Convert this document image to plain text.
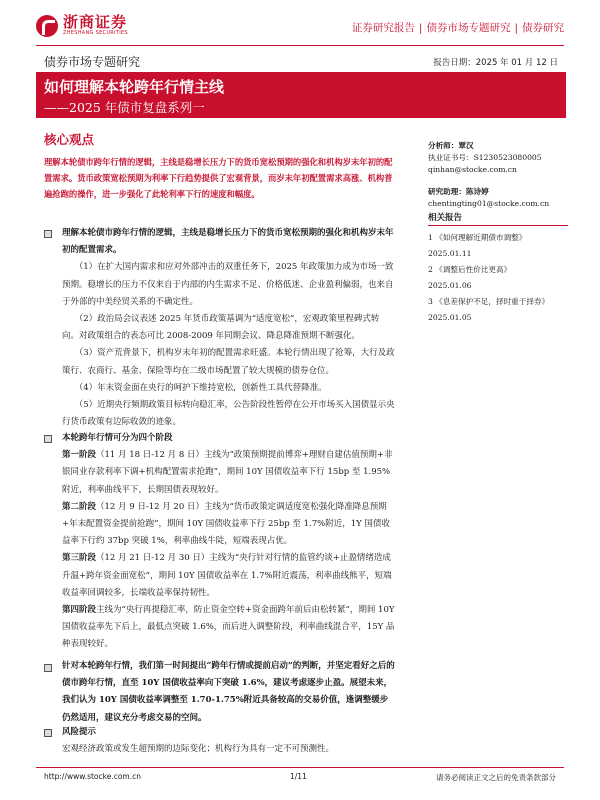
浙商证券
ZHESHANG SECURITIES	证券研究报告 | 债券市场专题研究 | 债券研究
债券市场专题研究	报告日期：2025 年 01 月 12 日
如何理解本轮跨年行情主线
——2025 年债市复盘系列一
核心观点
理解本轮债市跨年行情的逻辑，主线是稳增长压力下的货币宽松预期的强化和机构岁末年初的配置需求。货币政策宽松预期为利率下行趋势提供了宏观背景，而岁末年初配置需求高涨、机构普遍抢跑的操作，进一步强化了此轮利率下行的速度和幅度。

理解本轮债市跨年行情的逻辑，主线是稳增长压力下的货币宽松预期的强化和机构岁末年初的配置需求。

（1）在扩大国内需求和应对外部冲击的双重任务下，2025 年政策加力成为市场一致预期。稳增长的压力不仅来自于内部的内生需求不足、价格低迷、企业盈利偏弱，也来自于外部的中美经贸关系的不确定性。

（2）政治局会议表述 2025 年货币政策基调为“适度宽松”，宏观政策里程碑式转向。对政策组合的表态可比 2008-2009 年同期会议、降息降准预期不断强化。

（3）资产荒背景下，机构岁末年初的配置需求旺盛。本轮行情出现了抢筹，大行及政策行、农商行、基金、保险等均在二级市场配置了较大规模的债券仓位。

（4）年末资金面在央行的呵护下维持宽松，创新性工具代替降准。

（5）近期央行频期政策目标转向稳汇率，公告阶段性暂停在公开市场买入国债显示央行货币政策有边际收敛的迹象。

本轮跨年行情可分为四个阶段

第一阶段（11 月 18 日-12 月 8 日）主线为“政策预期提前博弈+理财自建估值预期+非银同业存款利率下调+机构配置需求抢跑”，期间 10Y 国债收益率下行 15bp 至 1.95%附近，利率曲线平下，长期国债表现较好。

第二阶段（12 月 9 日-12 月 20 日）主线为“货币政策定调适度宽松强化降准降息预期+年末配置资金提前抢跑”，期间 10Y 国债收益率下行 25bp 至 1.7%附近，1Y 国债收益率下行约 37bp 突破 1%，利率曲线牛陡，短端表现占优。

第三阶段（12 月 21 日-12 月 30 日）主线为“央行针对行情的监管约谈+止盈情绪造成升温+跨年资金面宽松”，期间 10Y 国债收益率在 1.7%附近震荡，利率曲线熊平，短端收益率回调较多，长端收益率保持韧性。

第四阶段主线为“央行再提稳汇率，防止资金空转+资金面跨年前后由松转紧”，期间 10Y 国债收益率先下后上，最低点突破 1.6%，而后进入调整阶段，利率曲线混合平，15Y 品种表现较好。

针对本轮跨年行情，我们第一时间提出“跨年行情或提前启动”的判断，并坚定看好之后的债市跨年行情，直至 10Y 国债收益率向下突破 1.6%，建议考虑逐步止盈。展望未来，我们认为 10Y 国债收益率调整至 1.70-1.75%附近具备较高的交易价值，逢调整缓步仍然适用，建议充分考虑交易的空间。

风险提示

宏观经济政策或发生超预期的边际变化；机构行为具有一定不可预测性。

分析师：覃汉
执业证书号：S1230523080005
qinhan@stocke.com.cn
研究助理：陈诗婷
chentingting01@stocke.com.cn
相关报告
1 《如何理解近期债市调整》
2025.01.11
2 《调整后性价比更高》
2025.01.06
3 《息差保护不足，择时重于择券》
2025.01.05
http://www.stocke.com.cn	1/11	请务必阅读正文之后的免责条款部分
